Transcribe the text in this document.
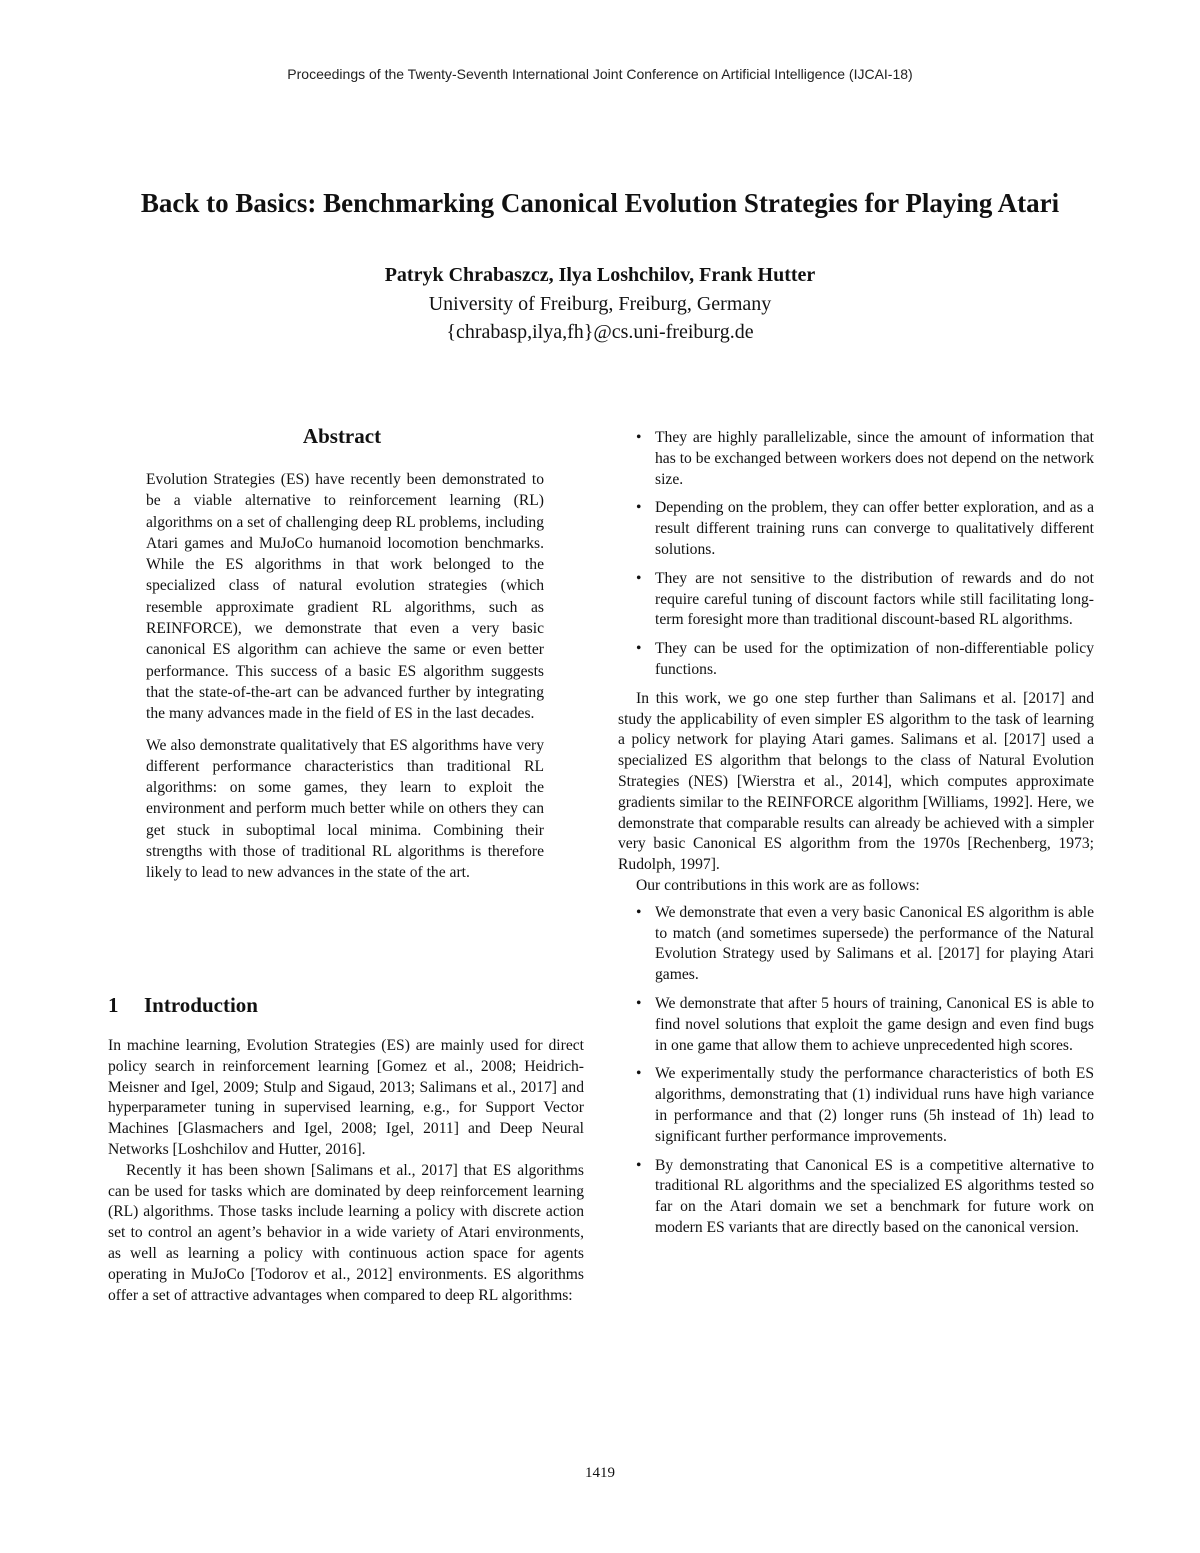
Proceedings of the Twenty-Seventh International Joint Conference on Artificial Intelligence (IJCAI-18)
Back to Basics: Benchmarking Canonical Evolution Strategies for Playing Atari
Patryk Chrabaszcz, Ilya Loshchilov, Frank Hutter
University of Freiburg, Freiburg, Germany
{chrabasp,ilya,fh}@cs.uni-freiburg.de
Abstract

Evolution Strategies (ES) have recently been demonstrated to be a viable alternative to reinforcement learning (RL) algorithms on a set of challenging deep RL problems, including Atari games and MuJoCo humanoid locomotion benchmarks. While the ES algorithms in that work belonged to the specialized class of natural evolution strategies (which resemble approximate gradient RL algorithms, such as REINFORCE), we demonstrate that even a very basic canonical ES algorithm can achieve the same or even better performance. This success of a basic ES algorithm suggests that the state-of-the-art can be advanced further by integrating the many advances made in the field of ES in the last decades.

We also demonstrate qualitatively that ES algorithms have very different performance characteristics than traditional RL algorithms: on some games, they learn to exploit the environment and perform much better while on others they can get stuck in suboptimal local minima. Combining their strengths with those of traditional RL algorithms is therefore likely to lead to new advances in the state of the art.

1 Introduction

In machine learning, Evolution Strategies (ES) are mainly used for direct policy search in reinforcement learning [Gomez et al., 2008; Heidrich-Meisner and Igel, 2009; Stulp and Sigaud, 2013; Salimans et al., 2017] and hyperparameter tuning in supervised learning, e.g., for Support Vector Machines [Glasmachers and Igel, 2008; Igel, 2011] and Deep Neural Networks [Loshchilov and Hutter, 2016].

Recently it has been shown [Salimans et al., 2017] that ES algorithms can be used for tasks which are dominated by deep reinforcement learning (RL) algorithms. Those tasks include learning a policy with discrete action set to control an agent’s behavior in a wide variety of Atari environments, as well as learning a policy with continuous action space for agents operating in MuJoCo [Todorov et al., 2012] environments. ES algorithms offer a set of attractive advantages when compared to deep RL algorithms:

• They are highly parallelizable, since the amount of information that has to be exchanged between workers does not depend on the network size.
• Depending on the problem, they can offer better exploration, and as a result different training runs can converge to qualitatively different solutions.
• They are not sensitive to the distribution of rewards and do not require careful tuning of discount factors while still facilitating long-term foresight more than traditional discount-based RL algorithms.
• They can be used for the optimization of non-differentiable policy functions.

In this work, we go one step further than Salimans et al. [2017] and study the applicability of even simpler ES algorithm to the task of learning a policy network for playing Atari games. Salimans et al. [2017] used a specialized ES algorithm that belongs to the class of Natural Evolution Strategies (NES) [Wierstra et al., 2014], which computes approximate gradients similar to the REINFORCE algorithm [Williams, 1992]. Here, we demonstrate that comparable results can already be achieved with a simpler very basic Canonical ES algorithm from the 1970s [Rechenberg, 1973; Rudolph, 1997].

Our contributions in this work are as follows:

• We demonstrate that even a very basic Canonical ES algorithm is able to match (and sometimes supersede) the performance of the Natural Evolution Strategy used by Salimans et al. [2017] for playing Atari games.
• We demonstrate that after 5 hours of training, Canonical ES is able to find novel solutions that exploit the game design and even find bugs in one game that allow them to achieve unprecedented high scores.
• We experimentally study the performance characteristics of both ES algorithms, demonstrating that (1) individual runs have high variance in performance and that (2) longer runs (5h instead of 1h) lead to significant further performance improvements.
• By demonstrating that Canonical ES is a competitive alternative to traditional RL algorithms and the specialized ES algorithms tested so far on the Atari domain we set a benchmark for future work on modern ES variants that are directly based on the canonical version.
1419
